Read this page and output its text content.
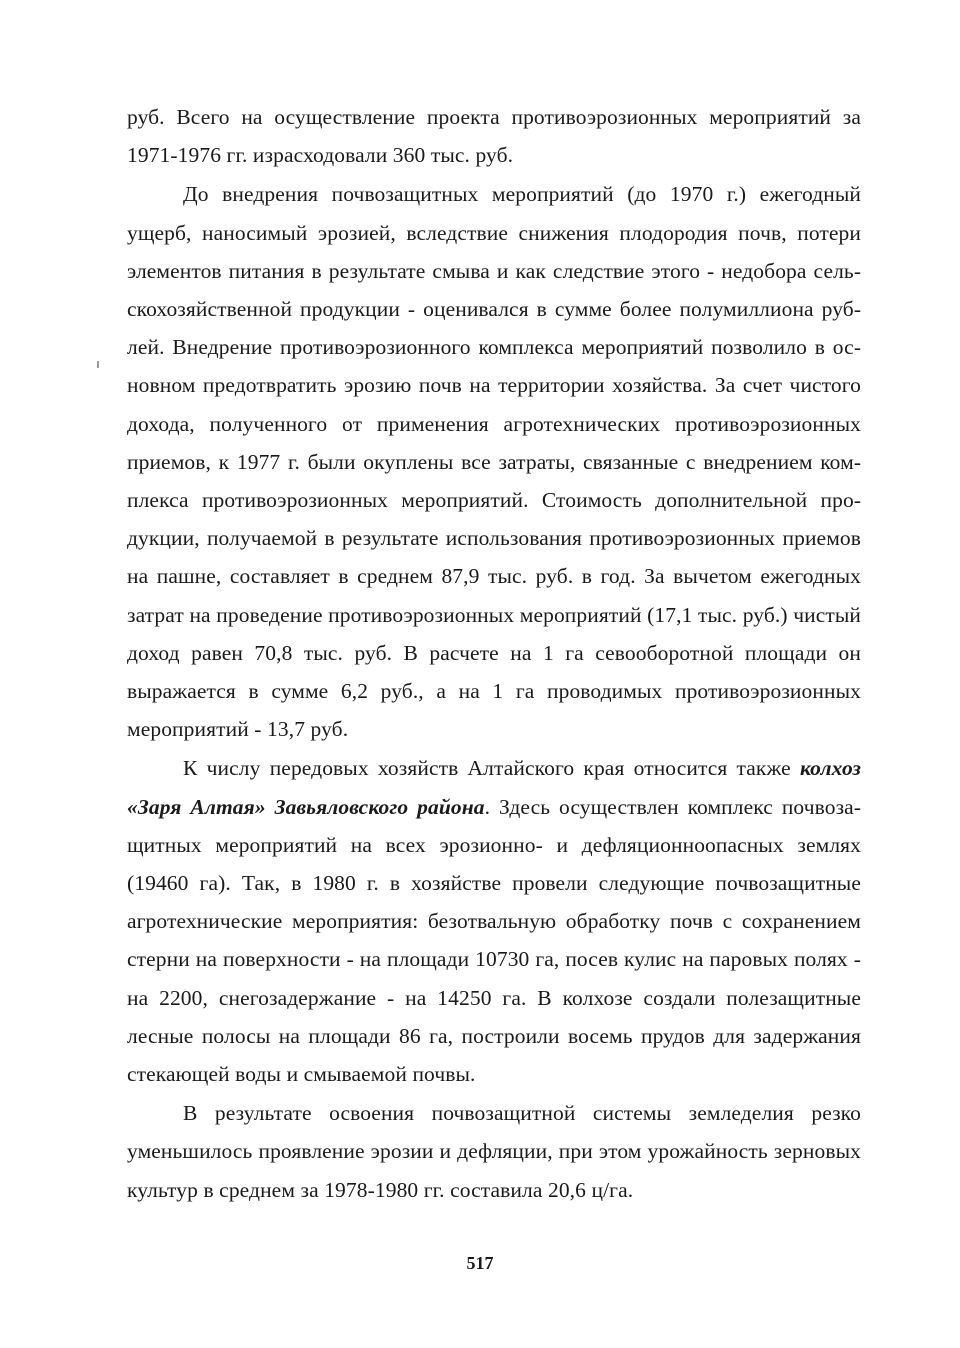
руб. Всего на осуществление проекта противоэрозионных мероприятий за 1971-1976 гг. израсходовали 360 тыс. руб.

До внедрения почвозащитных мероприятий (до 1970 г.) ежегодный ущерб, наносимый эрозией, вследствие снижения плодородия почв, потери элементов питания в результате смыва и как следствие этого - недобора сельскохозяйственной продукции - оценивался в сумме более полумиллиона рублей. Внедрение противоэрозионного комплекса мероприятий позволило в основном предотвратить эрозию почв на территории хозяйства. За счет чистого дохода, полученного от применения агротехнических противоэрозионных приемов, к 1977 г. были окуплены все затраты, связанные с внедрением комплекса противоэрозионных мероприятий. Стоимость дополнительной продукции, получаемой в результате использования противоэрозионных приемов на пашне, составляет в среднем 87,9 тыс. руб. в год. За вычетом ежегодных затрат на проведение противоэрозионных мероприятий (17,1 тыс. руб.) чистый доход равен 70,8 тыс. руб. В расчете на 1 га севооборотной площади он выражается в сумме 6,2 руб., а на 1 га проводимых противоэрозионных мероприятий - 13,7 руб.

К числу передовых хозяйств Алтайского края относится также колхоз «Заря Алтая» Завьяловского района. Здесь осуществлен комплекс почвозащитных мероприятий на всех эрозионно- и дефляционноопасных землях (19460 га). Так, в 1980 г. в хозяйстве провели следующие почвозащитные агротехнические мероприятия: безотвальную обработку почв с сохранением стерни на поверхности - на площади 10730 га, посев кулис на паровых полях - на 2200, снегозадержание - на 14250 га. В колхозе создали полезащитные лесные полосы на площади 86 га, построили восемь прудов для задержания стекающей воды и смываемой почвы.

В результате освоения почвозащитной системы земледелия резко уменьшилось проявление эрозии и дефляции, при этом урожайность зерновых культур в среднем за 1978-1980 гг. составила 20,6 ц/га.

517
